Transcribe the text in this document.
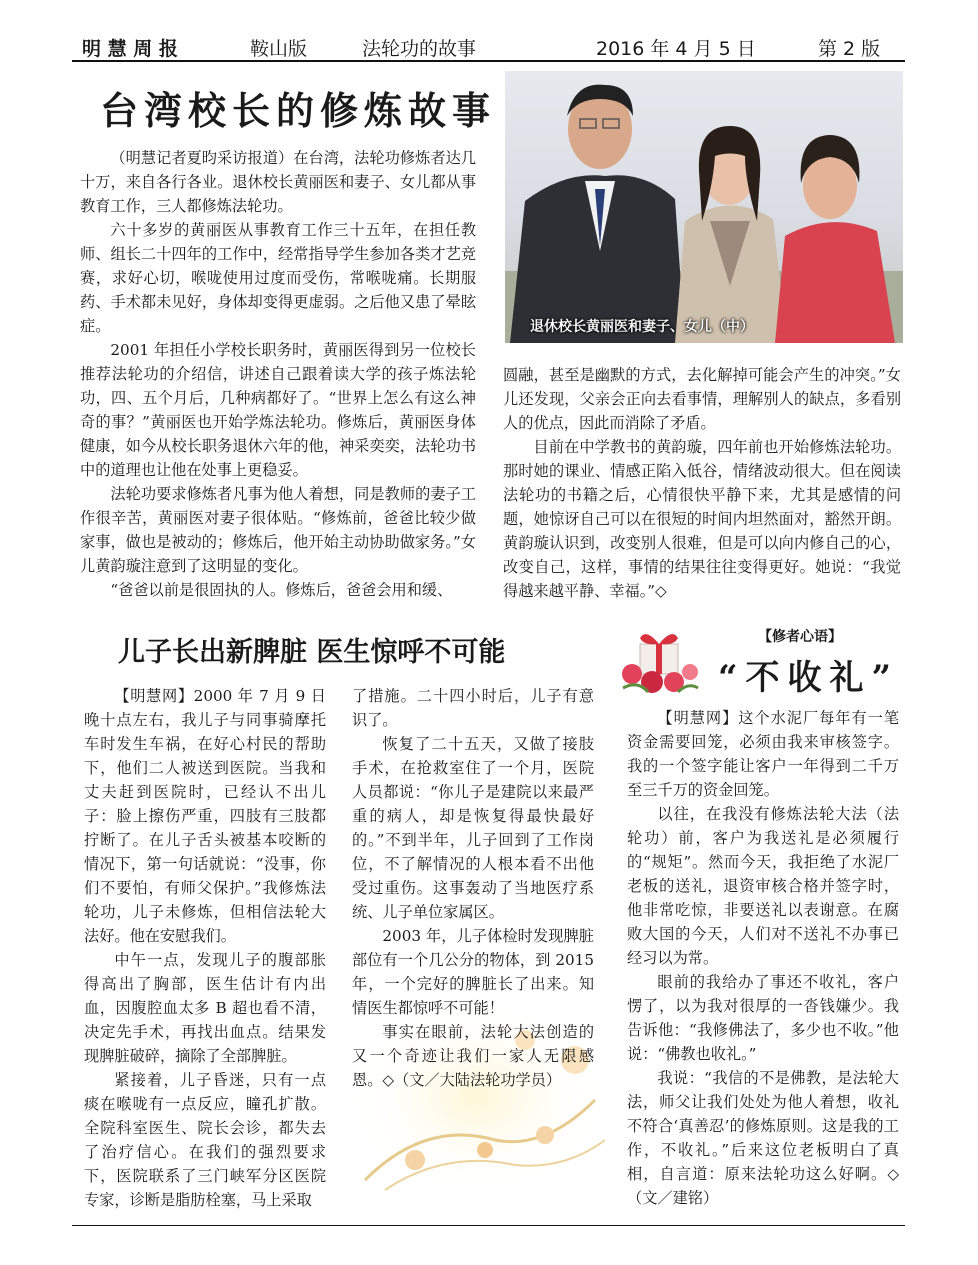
明 慧 周 报	鞍山版	法轮功的故事	2016 年 4 月 5 日	第 2 版
台湾校长的修炼故事
退休校长黄丽医和妻子、女儿（中）

（明慧记者夏昀采访报道）在台湾，法轮功修炼者达几十万，来自各行各业。退休校长黄丽医和妻子、女儿都从事教育工作，三人都修炼法轮功。

六十多岁的黄丽医从事教育工作三十五年，在担任教师、组长二十四年的工作中，经常指导学生参加各类才艺竞赛，求好心切，喉咙使用过度而受伤，常喉咙痛。长期服药、手术都未见好，身体却变得更虚弱。之后他又患了晕眩症。

2001 年担任小学校长职务时，黄丽医得到另一位校长推荐法轮功的介绍信，讲述自己跟着读大学的孩子炼法轮功，四、五个月后，几种病都好了。“世界上怎么有这么神奇的事？”黄丽医也开始学炼法轮功。修炼后，黄丽医身体健康，如今从校长职务退休六年的他，神采奕奕，法轮功书中的道理也让他在处事上更稳妥。

法轮功要求修炼者凡事为他人着想，同是教师的妻子工作很辛苦，黄丽医对妻子很体贴。“修炼前，爸爸比较少做家事，做也是被动的；修炼后，他开始主动协助做家务。”女儿黄韵璇注意到了这明显的变化。

“爸爸以前是很固执的人。修炼后，爸爸会用和缓、

圆融，甚至是幽默的方式，去化解掉可能会产生的冲突。”女儿还发现，父亲会正向去看事情，理解别人的缺点，多看别人的优点，因此而消除了矛盾。

目前在中学教书的黄韵璇，四年前也开始修炼法轮功。那时她的课业、情感正陷入低谷，情绪波动很大。但在阅读法轮功的书籍之后，心情很快平静下来，尤其是感情的问题，她惊讶自己可以在很短的时间内坦然面对，豁然开朗。黄韵璇认识到，改变别人很难，但是可以向内修自己的心，改变自己，这样，事情的结果往往变得更好。她说：“我觉得越来越平静、幸福。”◇

儿子长出新脾脏 医生惊呼不可能

【明慧网】2000 年 7 月 9 日晚十点左右，我儿子与同事骑摩托车时发生车祸，在好心村民的帮助下，他们二人被送到医院。当我和丈夫赶到医院时，已经认不出儿子：脸上擦伤严重，四肢有三肢都拧断了。在儿子舌头被基本咬断的情况下，第一句话就说：“没事，你们不要怕，有师父保护。”我修炼法轮功，儿子未修炼，但相信法轮大法好。他在安慰我们。

中午一点，发现儿子的腹部胀得高出了胸部，医生估计有内出血，因腹腔血太多 B 超也看不清，决定先手术，再找出血点。结果发现脾脏破碎，摘除了全部脾脏。

紧接着，儿子昏迷，只有一点痰在喉咙有一点反应，瞳孔扩散。全院科室医生、院长会诊，都失去了治疗信心。在我们的强烈要求下，医院联系了三门峡军分区医院专家，诊断是脂肪栓塞，马上采取

了措施。二十四小时后，儿子有意识了。

恢复了二十五天，又做了接肢手术，在抢救室住了一个月，医院人员都说：“你儿子是建院以来最严重的病人，却是恢复得最快最好的。”不到半年，儿子回到了工作岗位，不了解情况的人根本看不出他受过重伤。这事轰动了当地医疗系统、儿子单位家属区。

2003 年，儿子体检时发现脾脏部位有一个几公分的物体，到 2015 年，一个完好的脾脏长了出来。知情医生都惊呼不可能！

事实在眼前，法轮大法创造的又一个奇迹让我们一家人无限感恩。◇（文／大陆法轮功学员）

【修者心语】
“不收礼”

【明慧网】这个水泥厂每年有一笔资金需要回笼，必须由我来审核签字。我的一个签字能让客户一年得到二千万至三千万的资金回笼。

以往，在我没有修炼法轮大法（法轮功）前，客户为我送礼是必须履行的“规矩”。然而今天，我拒绝了水泥厂老板的送礼，退资审核合格并签字时，他非常吃惊，非要送礼以表谢意。在腐败大国的今天，人们对不送礼不办事已经习以为常。

眼前的我给办了事还不收礼，客户愣了，以为我对很厚的一沓钱嫌少。我告诉他：“我修佛法了，多少也不收。”他说：“佛教也收礼。”

我说：“我信的不是佛教，是法轮大法，师父让我们处处为他人着想，收礼不符合‘真善忍’的修炼原则。这是我的工作，不收礼。”后来这位老板明白了真相，自言道：原来法轮功这么好啊。◇（文／建铭）
